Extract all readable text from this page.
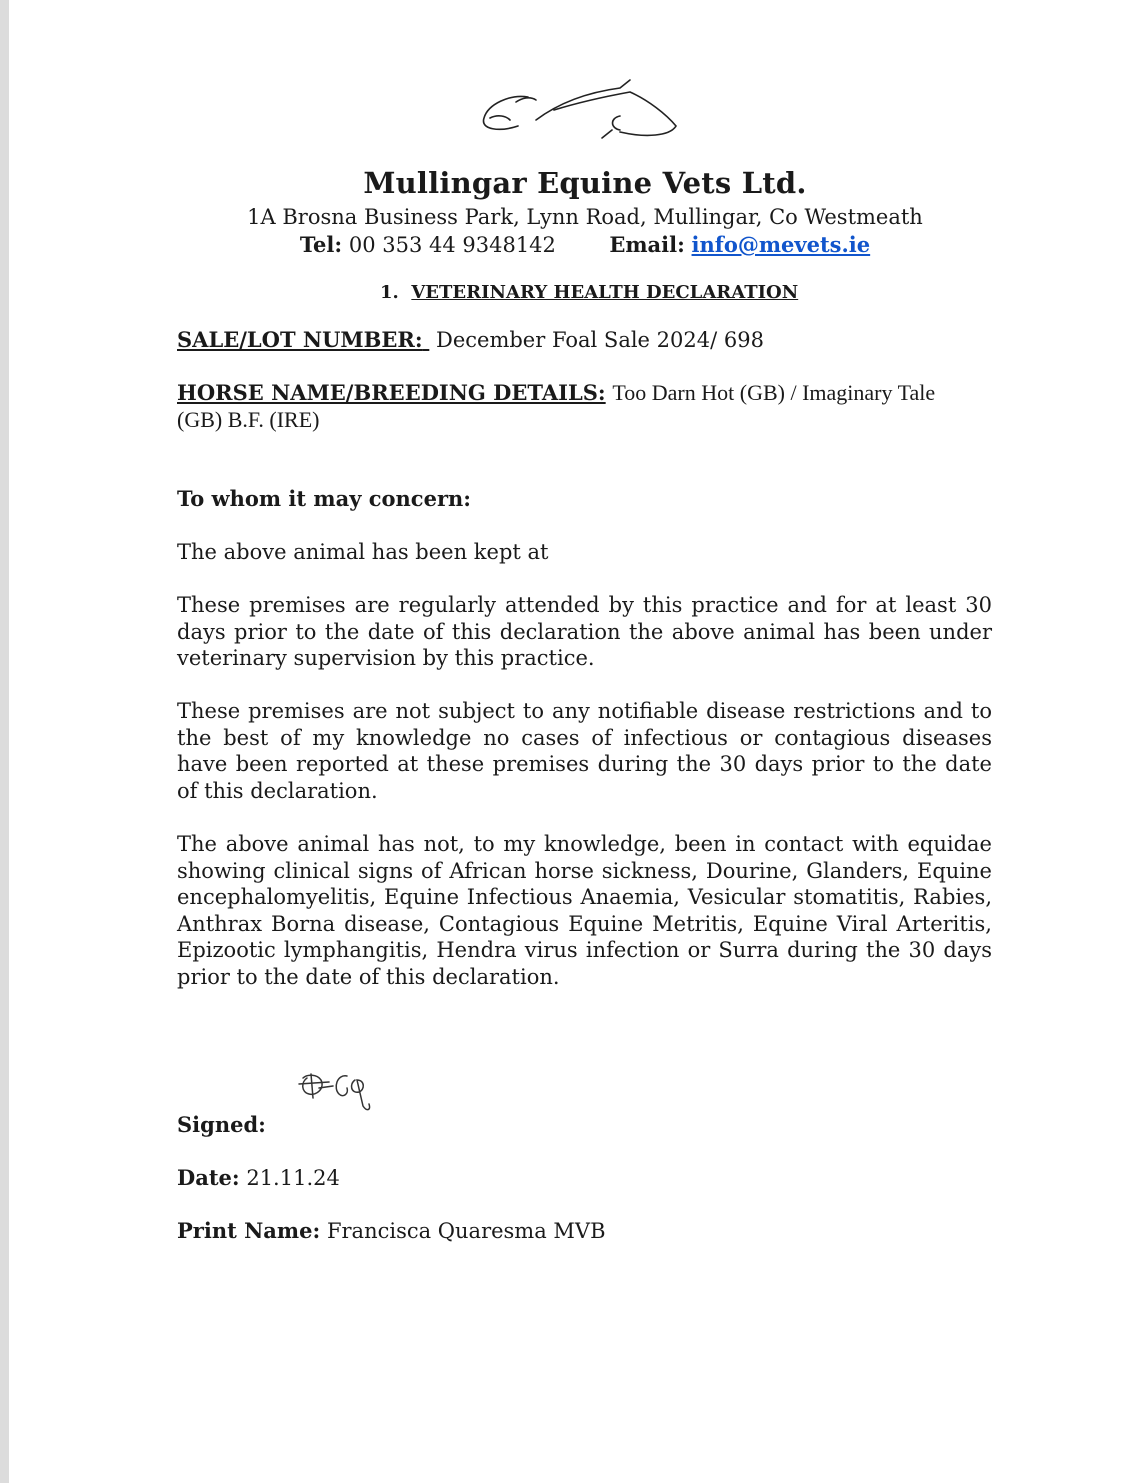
Mullingar Equine Vets Ltd.
1A Brosna Business Park, Lynn Road, Mullingar, Co Westmeath
Tel: 00 353 44 9348142	Email: info@mevets.ie
1. VETERINARY HEALTH DECLARATION
SALE/LOT NUMBER: December Foal Sale 2024/ 698
HORSE NAME/BREEDING DETAILS: Too Darn Hot (GB) / Imaginary Tale
(GB) B.F. (IRE)
To whom it may concern:
The above animal has been kept at
These premises are regularly attended by this practice and for at least 30 days prior to the date of this declaration the above animal has been under veterinary supervision by this practice.
These premises are not subject to any notifiable disease restrictions and to the best of my knowledge no cases of infectious or contagious diseases have been reported at these premises during the 30 days prior to the date of this declaration.
The above animal has not, to my knowledge, been in contact with equidae showing clinical signs of African horse sickness, Dourine, Glanders, Equine encephalomyelitis, Equine Infectious Anaemia, Vesicular stomatitis, Rabies, Anthrax Borna disease, Contagious Equine Metritis, Equine Viral Arteritis, Epizootic lymphangitis, Hendra virus infection or Surra during the 30 days prior to the date of this declaration.
Signed:
Date: 21.11.24
Print Name: Francisca Quaresma MVB
